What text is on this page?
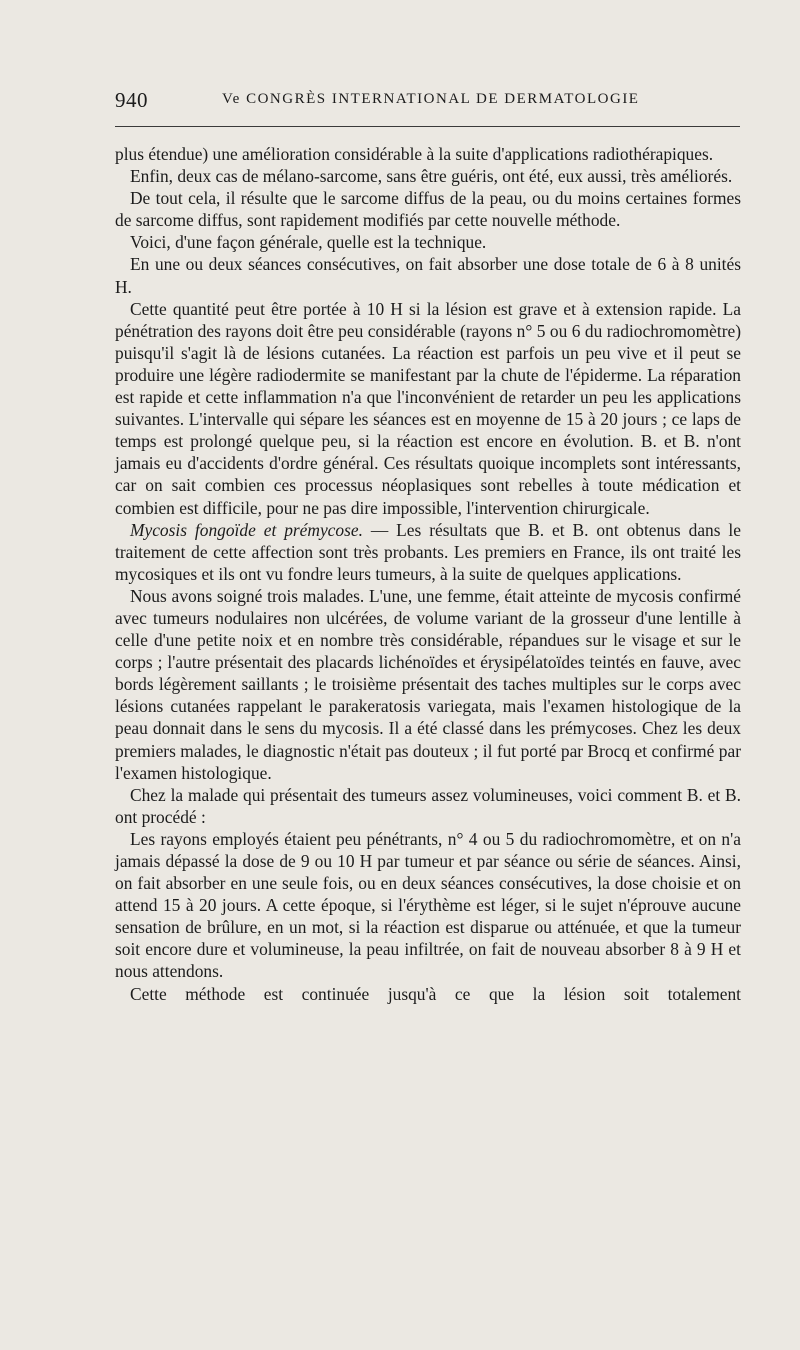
940	Ve CONGRÈS INTERNATIONAL DE DERMATOLOGIE

plus étendue) une amélioration considérable à la suite d'applications radiothérapiques.

Enfin, deux cas de mélano-sarcome, sans être guéris, ont été, eux aussi, très améliorés.

De tout cela, il résulte que le sarcome diffus de la peau, ou du moins certaines formes de sarcome diffus, sont rapidement modifiés par cette nouvelle méthode.

Voici, d'une façon générale, quelle est la technique.

En une ou deux séances consécutives, on fait absorber une dose totale de 6 à 8 unités H.

Cette quantité peut être portée à 10 H si la lésion est grave et à extension rapide. La pénétration des rayons doit être peu considérable (rayons n° 5 ou 6 du radiochromomètre) puisqu'il s'agit là de lésions cutanées. La réaction est parfois un peu vive et il peut se produire une légère radiodermite se manifestant par la chute de l'épiderme. La réparation est rapide et cette inflammation n'a que l'inconvénient de retarder un peu les applications suivantes. L'intervalle qui sépare les séances est en moyenne de 15 à 20 jours ; ce laps de temps est prolongé quelque peu, si la réaction est encore en évolution. B. et B. n'ont jamais eu d'accidents d'ordre général. Ces résultats quoique incomplets sont intéressants, car on sait combien ces processus néoplasiques sont rebelles à toute médication et combien est difficile, pour ne pas dire impossible, l'intervention chirurgicale.

Mycosis fongoïde et prémycose. — Les résultats que B. et B. ont obtenus dans le traitement de cette affection sont très probants. Les premiers en France, ils ont traité les mycosiques et ils ont vu fondre leurs tumeurs, à la suite de quelques applications.

Nous avons soigné trois malades. L'une, une femme, était atteinte de mycosis confirmé avec tumeurs nodulaires non ulcérées, de volume variant de la grosseur d'une lentille à celle d'une petite noix et en nombre très considérable, répandues sur le visage et sur le corps ; l'autre présentait des placards lichénoïdes et érysipélatoïdes teintés en fauve, avec bords légèrement saillants ; le troisième présentait des taches multiples sur le corps avec lésions cutanées rappelant le parakeratosis variegata, mais l'examen histologique de la peau donnait dans le sens du mycosis. Il a été classé dans les prémycoses. Chez les deux premiers malades, le diagnostic n'était pas douteux ; il fut porté par Brocq et confirmé par l'examen histologique.

Chez la malade qui présentait des tumeurs assez volumineuses, voici comment B. et B. ont procédé :

Les rayons employés étaient peu pénétrants, n° 4 ou 5 du radiochromomètre, et on n'a jamais dépassé la dose de 9 ou 10 H par tumeur et par séance ou série de séances. Ainsi, on fait absorber en une seule fois, ou en deux séances consécutives, la dose choisie et on attend 15 à 20 jours. A cette époque, si l'érythème est léger, si le sujet n'éprouve aucune sensation de brûlure, en un mot, si la réaction est disparue ou atténuée, et que la tumeur soit encore dure et volumineuse, la peau infiltrée, on fait de nouveau absorber 8 à 9 H et nous attendons.

Cette méthode est continuée jusqu'à ce que la lésion soit totalement
